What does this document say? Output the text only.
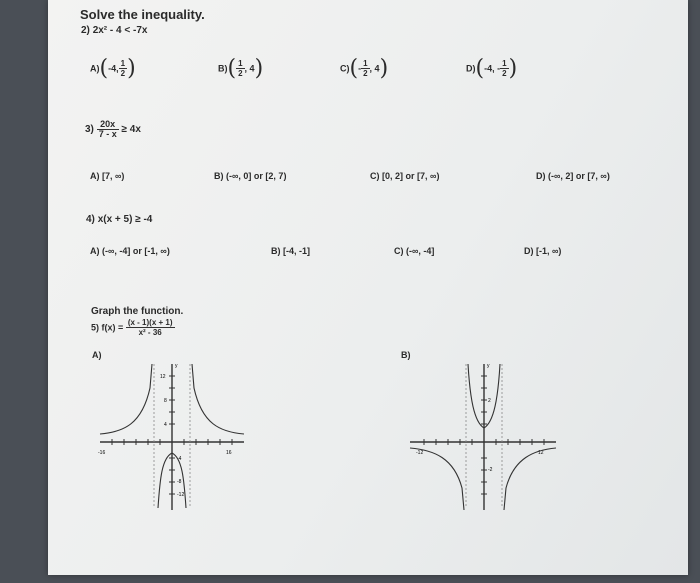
Solve the inequality.
2) 2x² - 4 < -7x
A)(-4, $\frac{1}{2}$ )	$B)( \frac{1}{2}$ , 4)	$C)(- \frac{1}{2}$ , 4)	D)(-4, - $\frac{1}{2}$ )
$3) \frac{20x}{7 - x} \ge 4x$
A) [7, ∞)	B) (-∞, 0] or [2, 7)	C) [0, 2] or [7, ∞)	D) (-∞, 2] or [7, ∞)
4) x(x + 5) ≥ -4
A) (-∞, -4] or [-1, ∞)	B) [-4, -1]	C) (-∞, -4]	D) [-1, ∞)
Graph the function.
5) $f(x) = \frac{(x - 1)(x + 1)}{\text{x² - 36}}$
A)	B)
-16	16
12
8
4
-4
-8
-12
y
-12	12
2
-2
y
